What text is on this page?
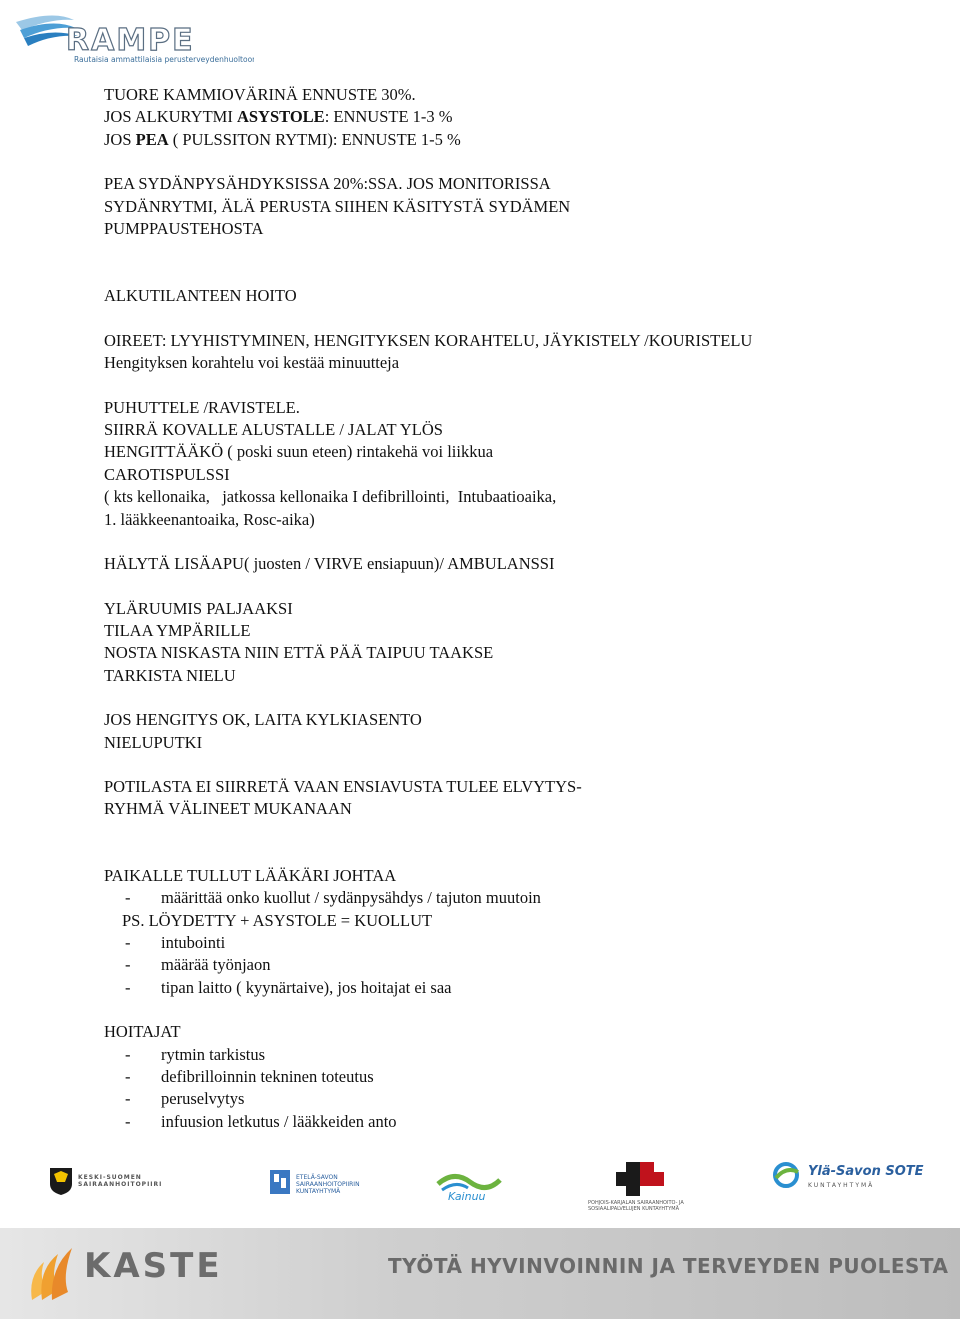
RAMPE
Rautaisia ammattilaisia perusterveydenhuoltoon
TUORE KAMMIOVÄRINÄ ENNUSTE 30%.
JOS ALKURYTMI ASYSTOLE: ENNUSTE 1-3 %
JOS PEA ( PULSSITON RYTMI): ENNUSTE 1-5 %
PEA SYDÄNPYSÄHDYKSISSA 20%:SSA. JOS MONITORISSA
SYDÄNRYTMI, ÄLÄ PERUSTA SIIHEN KÄSITYSTÄ SYDÄMEN
PUMPPAUSTEHOSTA
ALKUTILANTEEN HOITO
OIREET: LYYHISTYMINEN, HENGITYKSEN KORAHTELU, JÄYKISTELY /KOURISTELU
Hengityksen korahtelu voi kestää minuutteja
PUHUTTELE /RAVISTELE.
SIIRRÄ KOVALLE ALUSTALLE / JALAT YLÖS
HENGITTÄÄKÖ ( poski suun eteen) rintakehä voi liikkua
CAROTISPULSSI
( kts kellonaika,   jatkossa kellonaika I defibrillointi,  Intubaatioaika,
1. lääkkeenantoaika, Rosc-aika)
HÄLYTÄ LISÄAPU( juosten / VIRVE ensiapuun)/ AMBULANSSI
YLÄRUUMIS PALJAAKSI
TILAA YMPÄRILLE
NOSTA NISKASTA NIIN ETTÄ PÄÄ TAIPUU TAAKSE
TARKISTA NIELU
JOS HENGITYS OK, LAITA KYLKIASENTO
NIELUPUTKI
POTILASTA EI SIIRRETÄ VAAN ENSIAVUSTA TULEE ELVYTYS-
RYHMÄ VÄLINEET MUKANAAN
PAIKALLE TULLUT LÄÄKÄRI JOHTAA
- määrittää onko kuollut / sydänpysähdys / tajuton muutoin
PS. LÖYDETTY + ASYSTOLE = KUOLLUT
- intubointi
- määrää työnjaon
- tipan laitto ( kyynärtaive), jos hoitajat ei saa
HOITAJAT
- rytmin tarkistus
- defibrilloinnin tekninen toteutus
- peruselvytys
- infuusion letkutus / lääkkeiden anto
KESKI-SUOMEN SAIRAANHOITOPIIRI
ETELÄ-SAVON SAIRAANHOITOPIIRIN KUNTAYHTYMÄ	Kainuu	POHJOIS-KARJALAN SAIRAANHOITO- JA SOSIAALIPALVELUJEN KUNTAYHTYMÄ
Ylä-Savon SOTE
KUNTAYHTYMÄ
KASTE	TYÖTÄ HYVINVOINNIN JA TERVEYDEN PUOLESTA
